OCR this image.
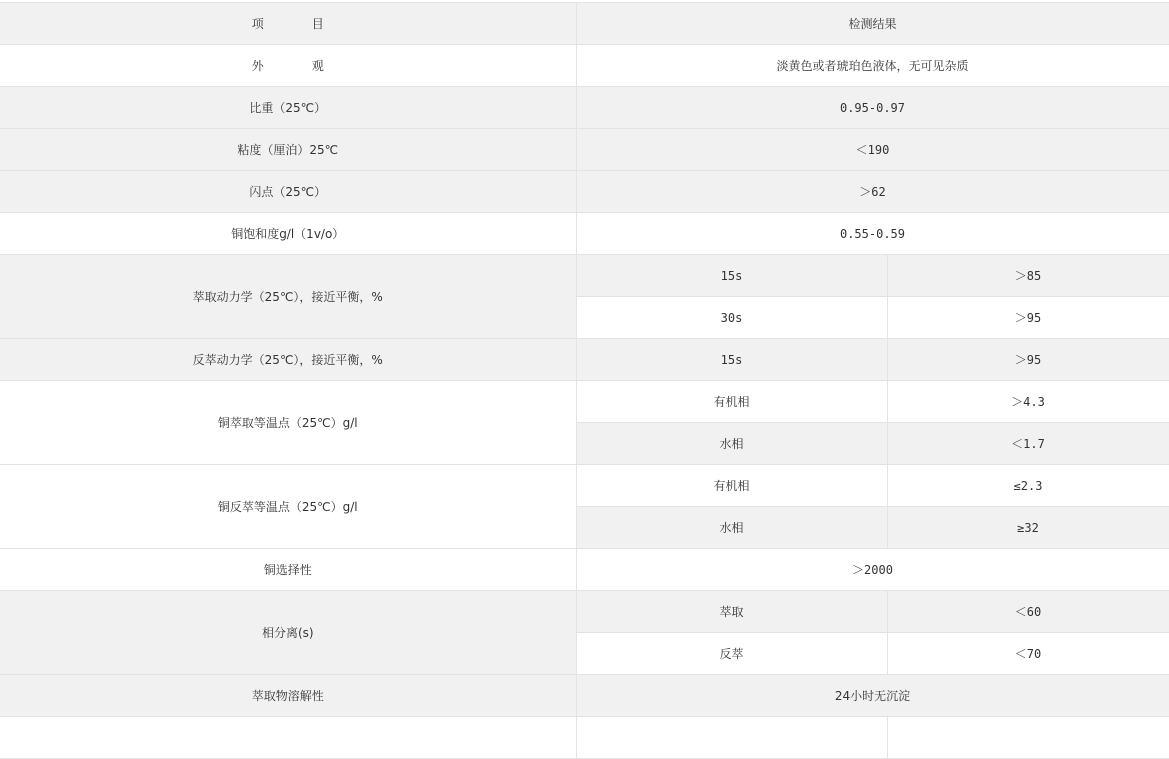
项　　　　目	检测结果	
外　　　　观	淡黄色或者琥珀色液体，无可见杂质	
比重（25℃）	0.95-0.97	
粘度（厘泊）25℃	＜190	
闪点（25℃）	＞62	
铜饱和度g/l（1v/o）	0.55-0.59	
萃取动力学（25℃），接近平衡，%	15s	＞85
	30s	＞95
反萃动力学（25℃），接近平衡，%	15s	＞95
铜萃取等温点（25℃）g/l	有机相	＞4.3
	水相	＜1.7
铜反萃等温点（25℃）g/l	有机相	≤2.3
	水相	≥32
铜选择性	＞2000	
相分离(s)	萃取	＜60
	反萃	＜70
萃取物溶解性	24小时无沉淀	
